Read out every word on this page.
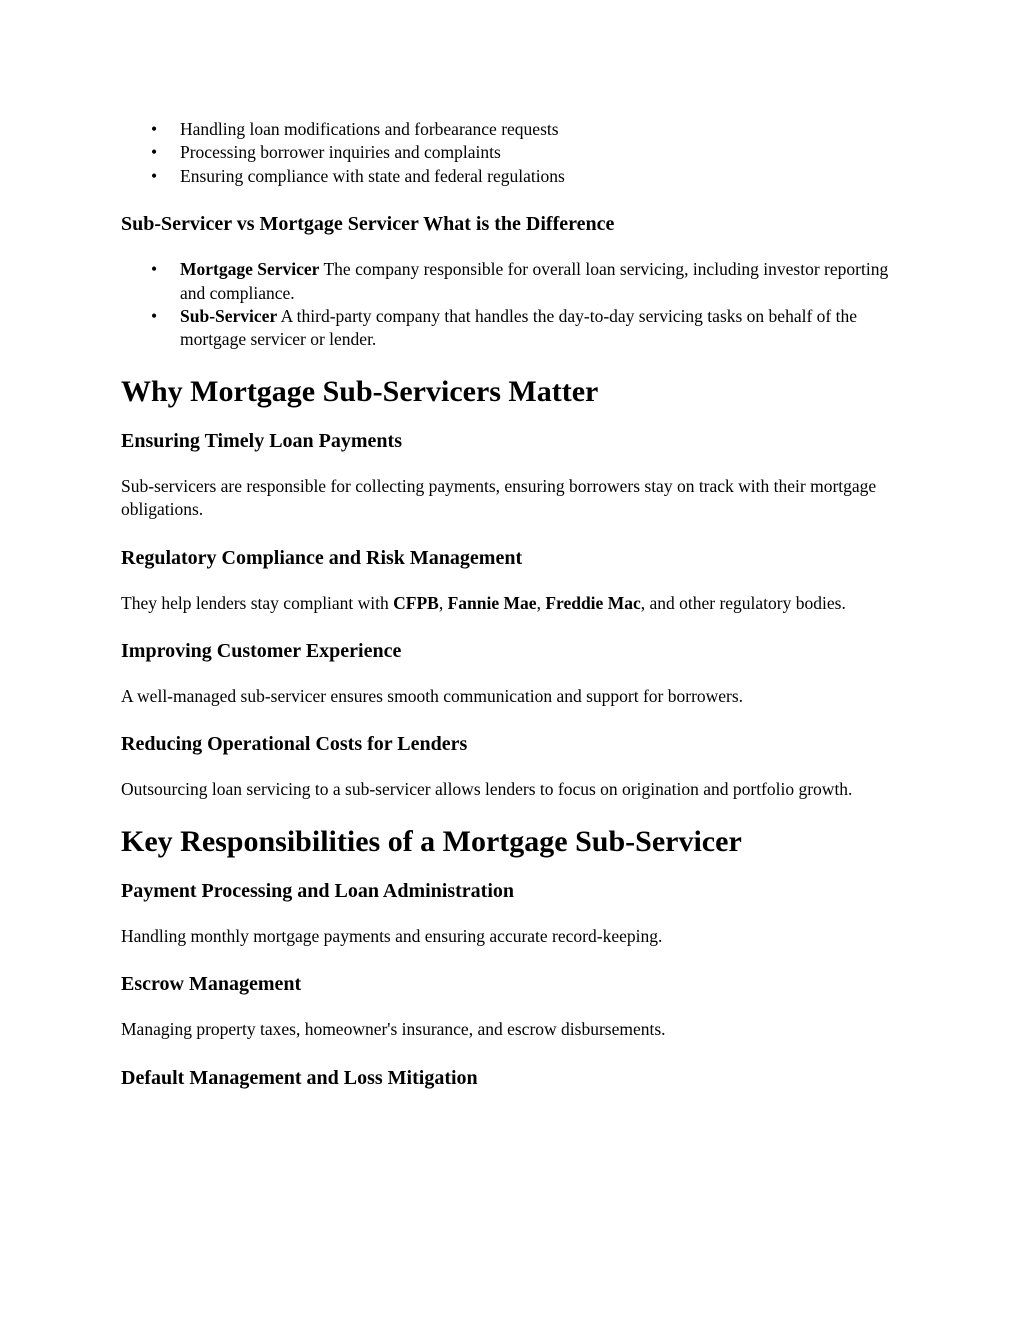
• Handling loan modifications and forbearance requests
• Processing borrower inquiries and complaints
• Ensuring compliance with state and federal regulations
Sub-Servicer vs Mortgage Servicer What is the Difference
• Mortgage Servicer The company responsible for overall loan servicing, including investor reporting and compliance.
• Sub-Servicer A third-party company that handles the day-to-day servicing tasks on behalf of the mortgage servicer or lender.
Why Mortgage Sub-Servicers Matter
Ensuring Timely Loan Payments

Sub-servicers are responsible for collecting payments, ensuring borrowers stay on track with their mortgage obligations.

Regulatory Compliance and Risk Management

They help lenders stay compliant with CFPB, Fannie Mae, Freddie Mac, and other regulatory bodies.

Improving Customer Experience

A well-managed sub-servicer ensures smooth communication and support for borrowers.

Reducing Operational Costs for Lenders

Outsourcing loan servicing to a sub-servicer allows lenders to focus on origination and portfolio growth.

Key Responsibilities of a Mortgage Sub-Servicer
Payment Processing and Loan Administration

Handling monthly mortgage payments and ensuring accurate record-keeping.

Escrow Management

Managing property taxes, homeowner's insurance, and escrow disbursements.

Default Management and Loss Mitigation
